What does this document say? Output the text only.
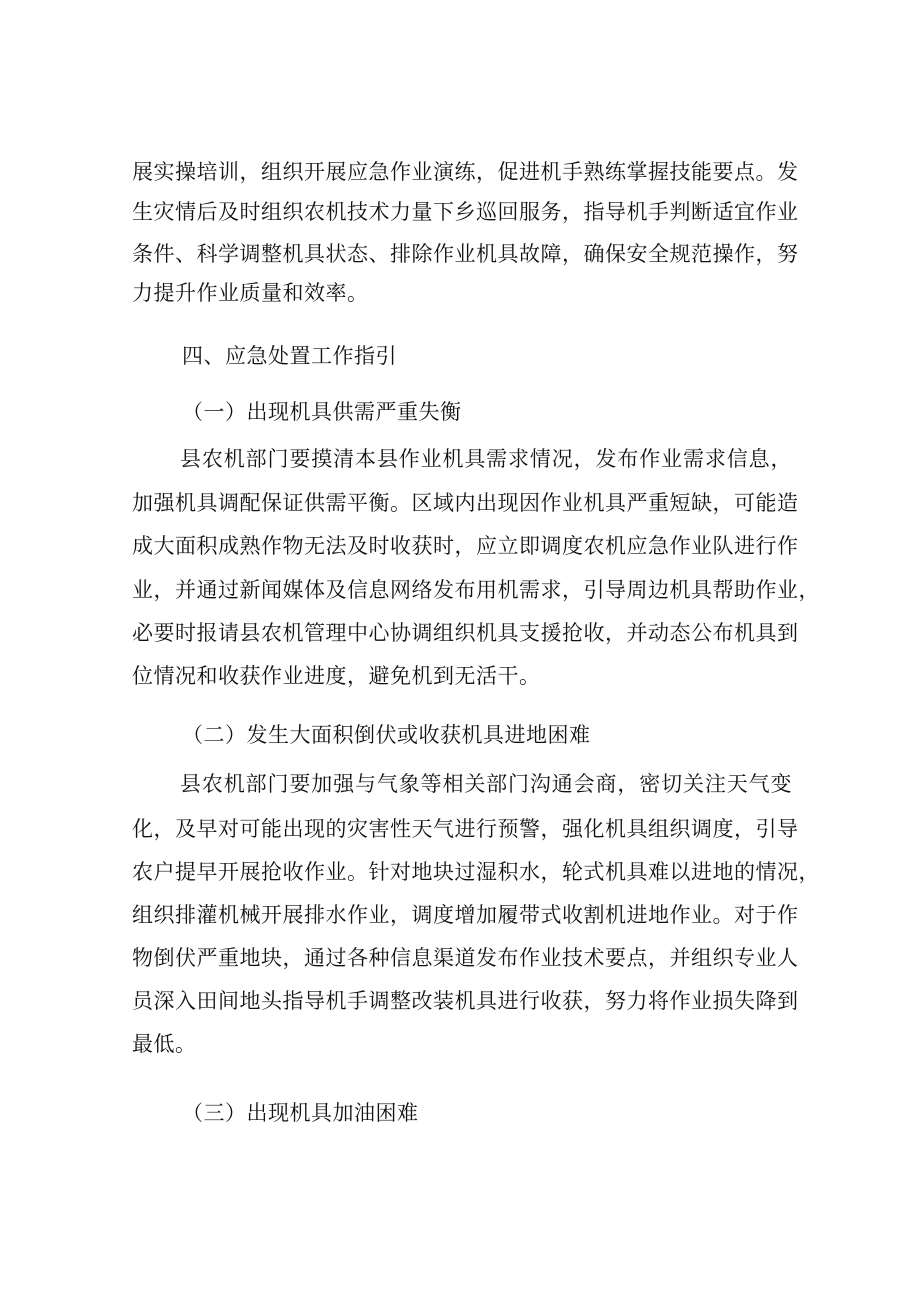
展实操培训，组织开展应急作业演练，促进机手熟练掌握技能要点。发
生灾情后及时组织农机技术力量下乡巡回服务，指导机手判断适宜作业
条件、科学调整机具状态、排除作业机具故障，确保安全规范操作，努
力提升作业质量和效率。
四、应急处置工作指引
（一）出现机具供需严重失衡
县农机部门要摸清本县作业机具需求情况，发布作业需求信息，
加强机具调配保证供需平衡。区域内出现因作业机具严重短缺，可能造
成大面积成熟作物无法及时收获时，应立即调度农机应急作业队进行作
业，并通过新闻媒体及信息网络发布用机需求，引导周边机具帮助作业，
必要时报请县农机管理中心协调组织机具支援抢收，并动态公布机具到
位情况和收获作业进度，避免机到无活干。
（二）发生大面积倒伏或收获机具进地困难
县农机部门要加强与气象等相关部门沟通会商，密切关注天气变
化，及早对可能出现的灾害性天气进行预警，强化机具组织调度，引导
农户提早开展抢收作业。针对地块过湿积水，轮式机具难以进地的情况，
组织排灌机械开展排水作业，调度增加履带式收割机进地作业。对于作
物倒伏严重地块，通过各种信息渠道发布作业技术要点，并组织专业人
员深入田间地头指导机手调整改装机具进行收获，努力将作业损失降到
最低。
（三）出现机具加油困难
